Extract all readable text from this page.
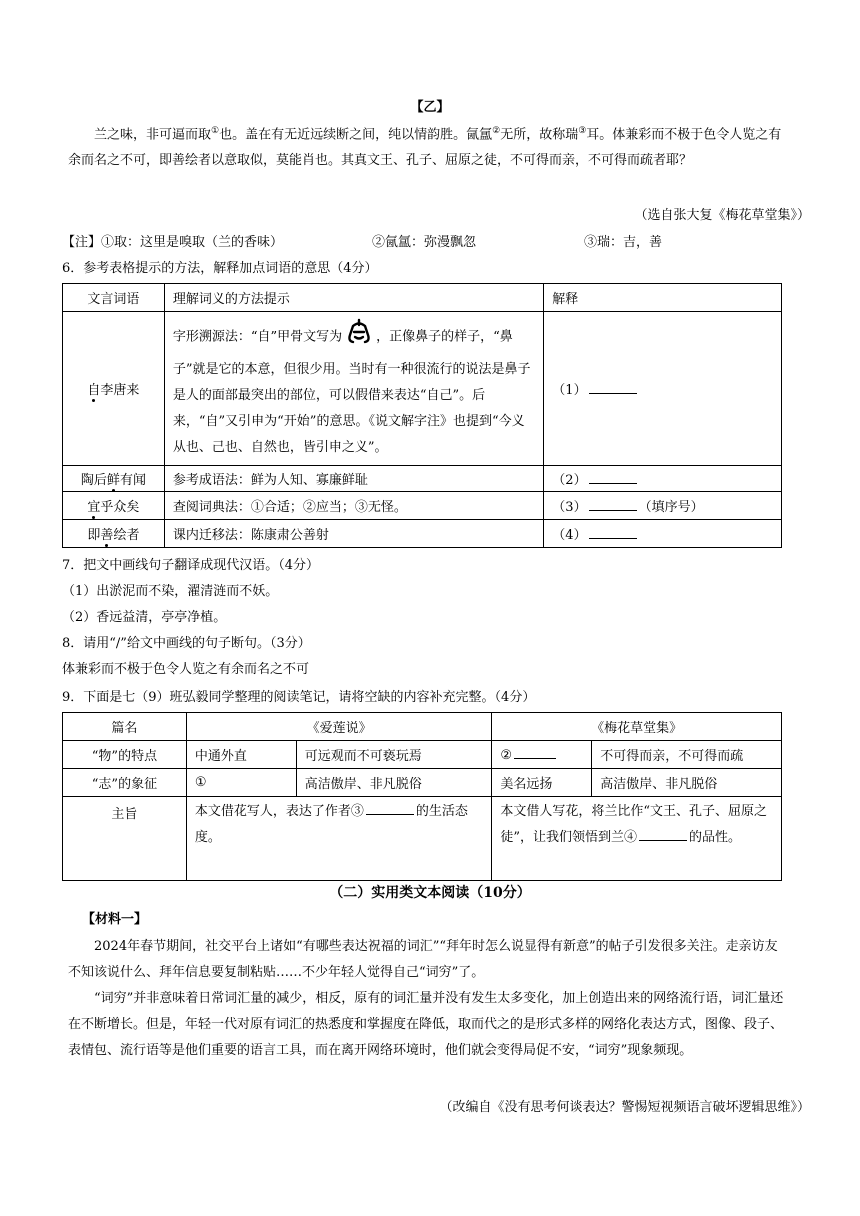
【乙】
兰之味，非可逼而取①也。盖在有无近远续断之间，纯以情韵胜。氤氲②无所，故称瑞③耳。体兼彩而不极于色令人览之有余而名之不可，即善绘者以意取似，莫能肖也。其真文王、孔子、屈原之徒，不可得而亲，不可得而疏者耶？
（选自张大复《梅花草堂集》）
【注】①取：这里是嗅取（兰的香味）	②氤氲：弥漫飘忽	③瑞：吉，善
6．参考表格提示的方法，解释加点词语的意思（4分）
文言词语	理解词义的方法提示	解释
自李唐来	字形溯源法：“自”甲骨文写为 ，正像鼻子的样子，“鼻子”就是它的本意，但很少用。当时有一种很流行的说法是鼻子是人的面部最突出的部位，可以假借来表达“自己”。后来，“自”又引申为“开始”的意思。《说文解字注》也提到“今义从也、己也、自然也，皆引申之义”。	（1）
陶后鲜有闻	参考成语法：鲜为人知、寡廉鲜耻	（2）
宜乎众矣	查阅词典法：①合适；②应当；③无怪。	（3） （填序号）
即善绘者	课内迁移法：陈康肃公善射	（4）
7．把文中画线句子翻译成现代汉语。（4分）
（1）出淤泥而不染，濯清涟而不妖。
（2）香远益清，亭亭净植。
8．请用“/”给文中画线的句子断句。（3分）
体兼彩而不极于色令人览之有余而名之不可
9．下面是七（9）班弘毅同学整理的阅读笔记，请将空缺的内容补充完整。（4分）
篇名	《爱莲说》		《梅花草堂集》	
“物”的特点	中通外直	可远观而不可亵玩焉	②	不可得而亲，不可得而疏
“志”的象征	①	高洁傲岸、非凡脱俗	美名远扬	高洁傲岸、非凡脱俗
主旨	本文借花写人，表达了作者③ 的生活态度。		本文借人写花，将兰比作“文王、孔子、屈原之徒”，让我们领悟到兰④ 的品性。	
（二）实用类文本阅读（10分）
【材料一】
2024年春节期间，社交平台上诸如“有哪些表达祝福的词汇”“拜年时怎么说显得有新意”的帖子引发很多关注。走亲访友不知该说什么、拜年信息要复制粘贴……不少年轻人觉得自己“词穷”了。
“词穷”并非意味着日常词汇量的减少，相反，原有的词汇量并没有发生太多变化，加上创造出来的网络流行语，词汇量还在不断增长。但是，年轻一代对原有词汇的热悉度和掌握度在降低，取而代之的是形式多样的网络化表达方式，图像、段子、表情包、流行语等是他们重要的语言工具，而在离开网络环境时，他们就会变得局促不安，“词穷”现象频现。
（改编自《没有思考何谈表达？警惕短视频语言破坏逻辑思维》）
